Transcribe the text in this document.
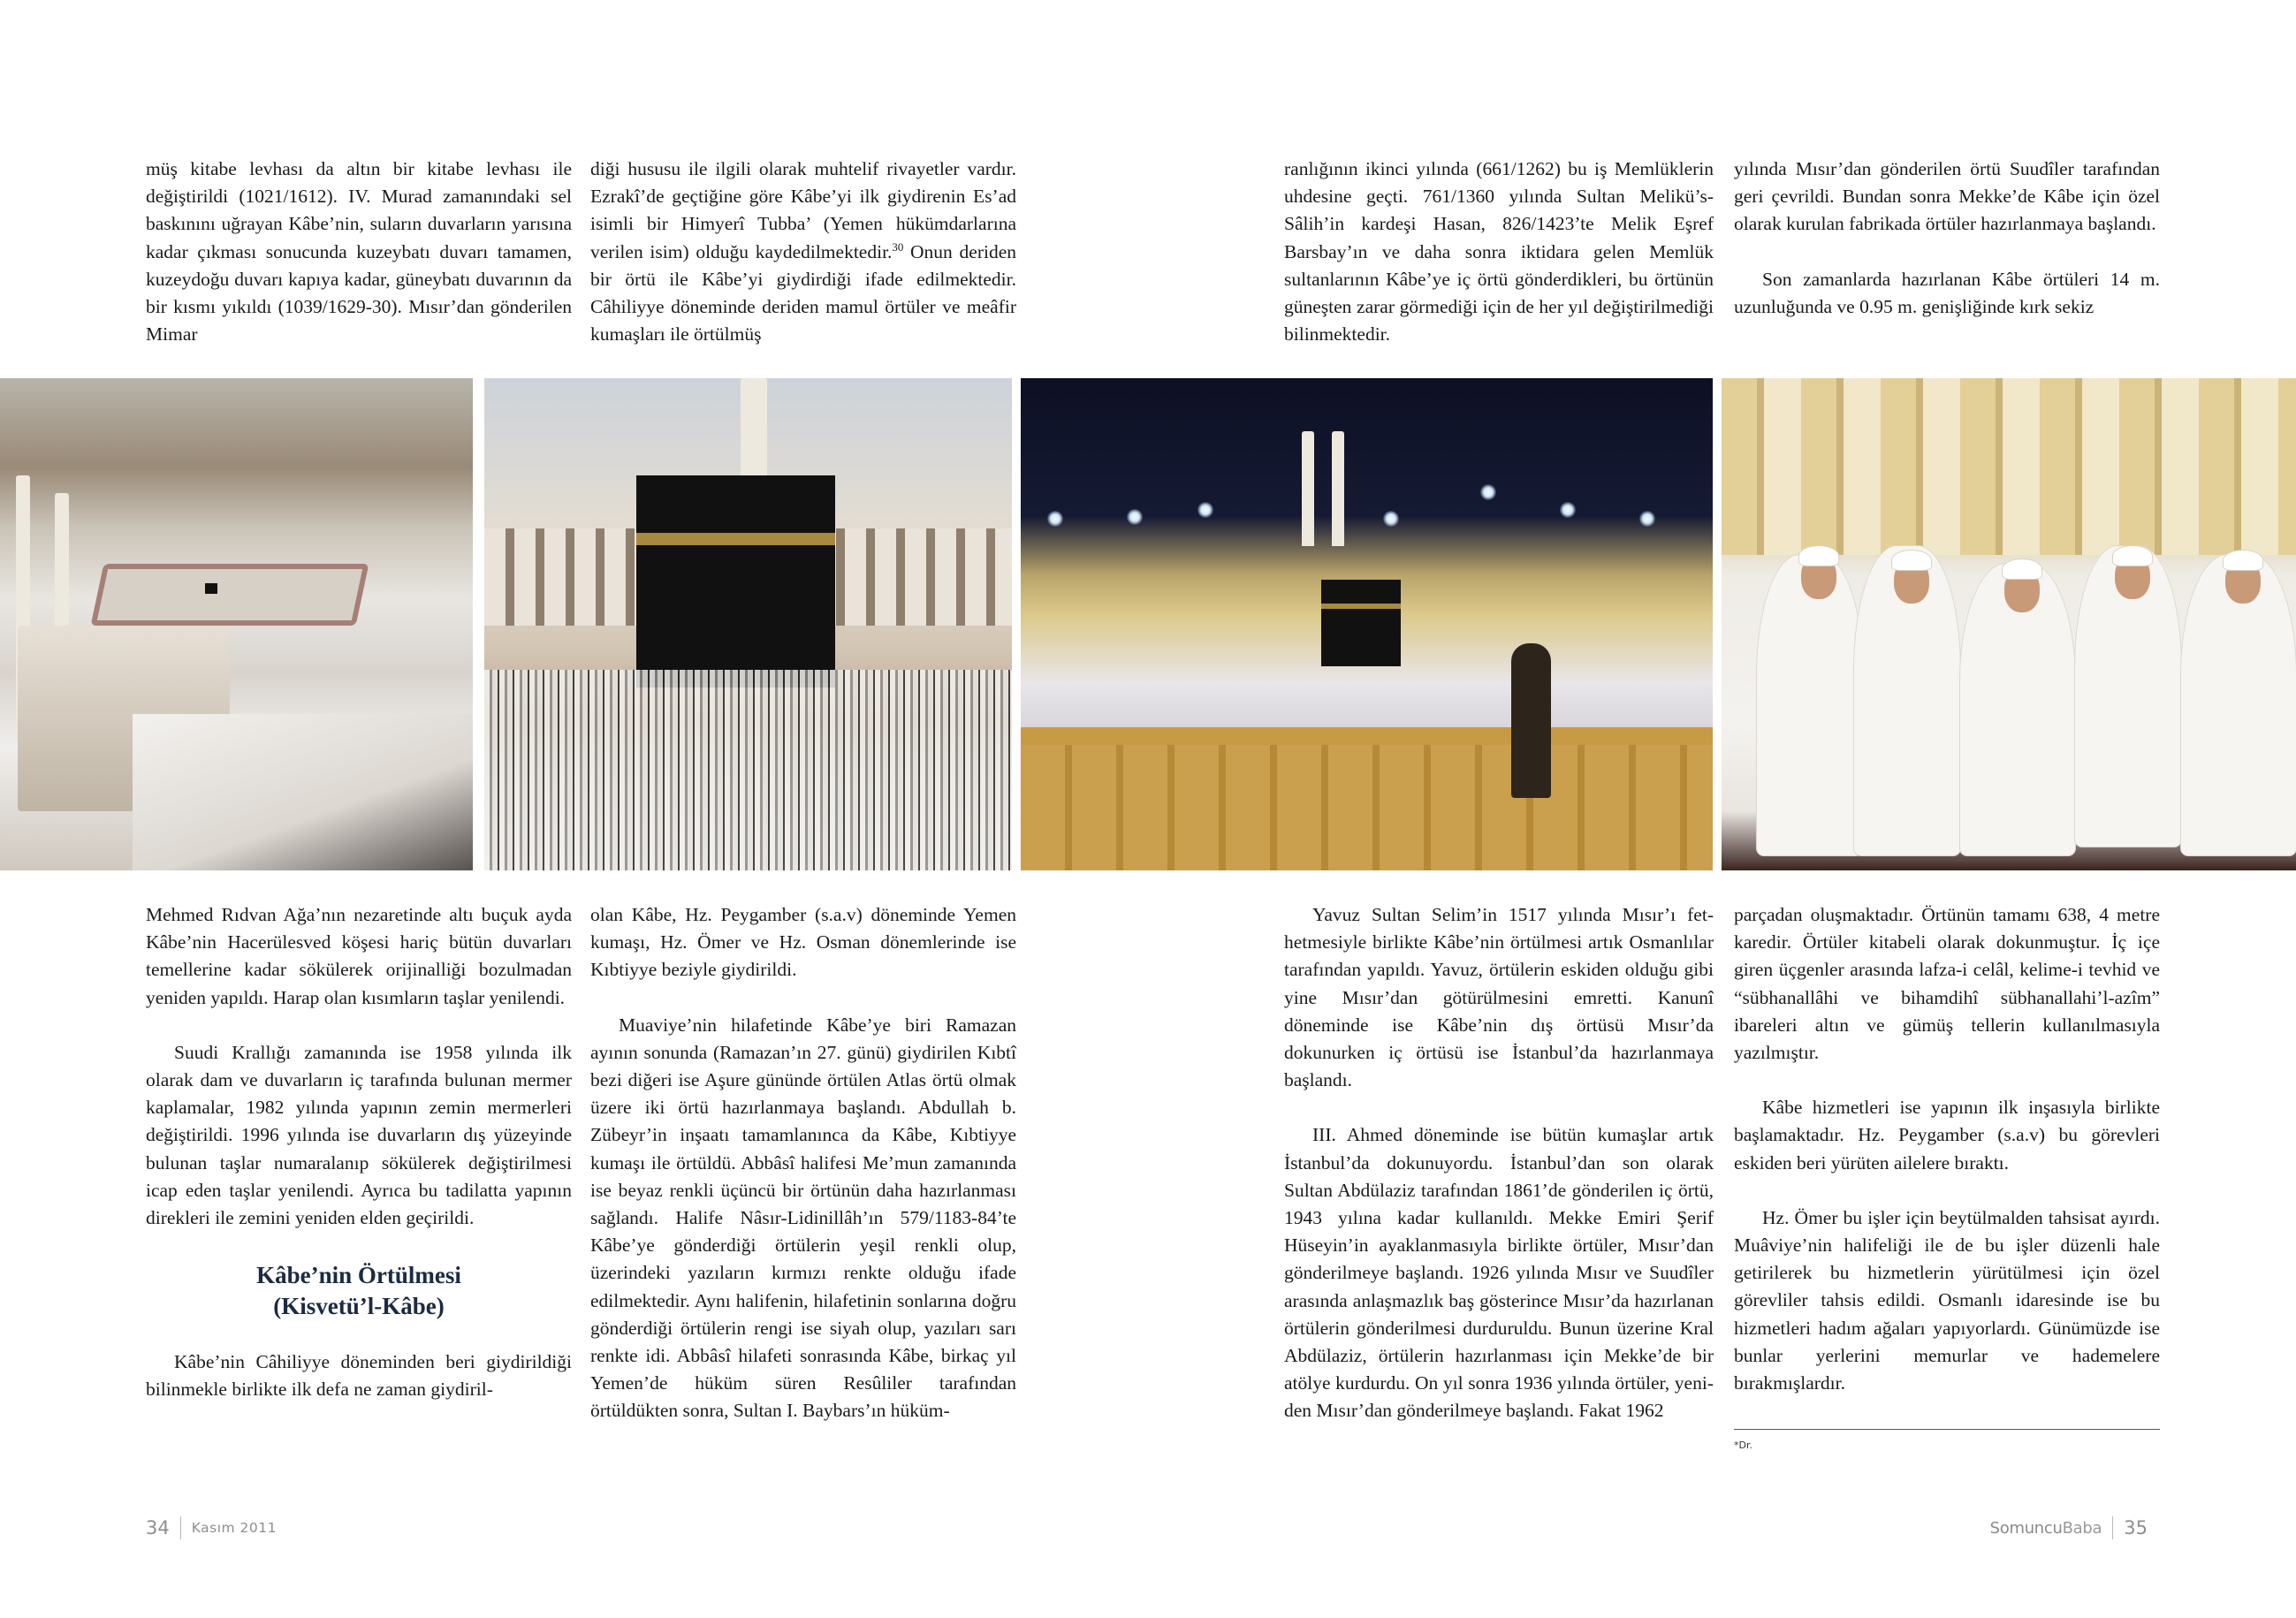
müş kitabe levhası da altın bir kitabe levhası ile değiştirildi (1021/1612). IV. Murad zamanındaki sel baskınını uğrayan Kâbe’nin, suların duvarların yarısına kadar çıkması sonucunda kuzeybatı duvarı tamamen, kuzeydoğu duvarı kapıya kadar, güneybatı duvarının da bir kısmı yıkıldı (1039/1629-30). Mısır’dan gönderilen Mimar

diği hususu ile ilgili olarak muhtelif rivayetler vardır. Ezrakî’de geçtiğine göre Kâbe’yi ilk giydirenin Es’ad isimli bir Himyerî Tubba’ (Yemen hükümdarlarına verilen isim) olduğu kaydedilmektedir.$^{30}$ Onun deriden bir örtü ile Kâbe’yi giydirdiği ifade edilmektedir. Câhiliyye döneminde deriden mamul örtüler ve meâfir kumaşları ile örtülmüş

ranlığının ikinci yılında (661/1262) bu iş Memlüklerin uhdesine geçti. 761/1360 yılında Sultan Melikü’s-Sâlih’in kardeşi Hasan, 826/1423’te Melik Eşref Barsbay’ın ve daha sonra iktidara gelen Memlük sultanlarının Kâbe’ye iç örtü gönderdikleri, bu örtünün güneşten zarar görmediği için de her yıl değiştirilmediği bilinmektedir.

yılında Mısır’dan gönderilen örtü Suudîler tarafından geri çevrildi. Bundan sonra Mekke’de Kâbe için özel olarak kurulan fabrikada örtüler hazırlanmaya başlandı.

Son zamanlarda hazırlanan Kâbe örtüleri 14 m. uzunluğunda ve 0.95 m. genişliğinde kırk sekiz

Mehmed Rıdvan Ağa’nın nezaretinde altı buçuk ayda Kâbe’nin Hacerülesved köşesi hariç bütün duvarları temellerine kadar sökülerek orijinalliği bozulmadan yeniden yapıldı. Harap olan kısımların taşlar yenilendi.

Suudi Krallığı zamanında ise 1958 yılında ilk olarak dam ve duvarların iç tarafında bulunan mermer kaplamalar, 1982 yılında yapının zemin mermerleri değiştirildi. 1996 yılında ise duvarların dış yüzeyinde bulunan taşlar numaralanıp sökülerek değiştirilmesi icap eden taşlar yenilendi. Ayrıca bu tadilatta yapının direkleri ile zemini yeniden elden geçirildi.

Kâbe’nin Örtülmesi
(Kisvetü’l-Kâbe)

Kâbe’nin Câhiliyye döneminden beri giydirildiği bilinmekle birlikte ilk defa ne zaman giydiril-

olan Kâbe, Hz. Peygamber (s.a.v) döneminde Yemen kumaşı, Hz. Ömer ve Hz. Osman dönemlerinde ise Kıbtiyye beziyle giydirildi.

Muaviye’nin hilafetinde Kâbe’ye biri Ramazan ayının sonunda (Ramazan’ın 27. günü) giydirilen Kıbtî bezi diğeri ise Aşure gününde örtülen Atlas örtü olmak üzere iki örtü hazırlanmaya başlandı. Abdullah b. Zübeyr’in inşaatı tamamlanınca da Kâbe, Kıbtiyye kumaşı ile örtüldü. Abbâsî halifesi Me’mun zamanında ise beyaz renkli üçüncü bir örtünün daha hazırlanması sağlandı. Halife Nâsır-Lidinillâh’ın 579/1183-84’te Kâbe’ye gönderdiği örtülerin yeşil renkli olup, üzerindeki yazıların kırmızı renkte olduğu ifade edilmektedir. Aynı halifenin, hilafetinin sonlarına doğru gönderdiği örtülerin rengi ise siyah olup, yazıları sarı renkte idi. Abbâsî hilafeti sonrasında Kâbe, birkaç yıl Yemen’de hüküm süren Resûliler tarafından örtüldükten sonra, Sultan I. Baybars’ın hüküm-

Yavuz Sultan Selim’in 1517 yılında Mısır’ı fethetmesiyle birlikte Kâbe’nin örtülmesi artık Osmanlılar tarafından yapıldı. Yavuz, örtülerin eskiden olduğu gibi yine Mısır’dan götürülmesini emretti. Kanunî döneminde ise Kâbe’nin dış örtüsü Mısır’da dokunurken iç örtüsü ise İstanbul’da hazırlanmaya başlandı.

III. Ahmed döneminde ise bütün kumaşlar artık İstanbul’da dokunuyordu. İstanbul’dan son olarak Sultan Abdülaziz tarafından 1861’de gönderilen iç örtü, 1943 yılına kadar kullanıldı. Mekke Emiri Şerif Hüseyin’in ayaklanmasıyla birlikte örtüler, Mısır’dan gönderilmeye başlandı. 1926 yılında Mısır ve Suudîler arasında anlaşmazlık baş gösterince Mısır’da hazırlanan örtülerin gönderilmesi durduruldu. Bunun üzerine Kral Abdülaziz, örtülerin hazırlanması için Mekke’de bir atölye kurdurdu. On yıl sonra 1936 yılında örtüler, yeniden Mısır’dan gönderilmeye başlandı. Fakat 1962

parçadan oluşmaktadır. Örtünün tamamı 638, 4 metre karedir. Örtüler kitabeli olarak dokunmuştur. İç içe giren üçgenler arasında lafza-i celâl, kelime-i tevhid ve “sübhanallâhi ve bihamdihî sübhanallahi’l-azîm” ibareleri altın ve gümüş tellerin kullanılmasıyla yazılmıştır.

Kâbe hizmetleri ise yapının ilk inşasıyla birlikte başlamaktadır. Hz. Peygamber (s.a.v) bu görevleri eskiden beri yürüten ailelere bıraktı.

Hz. Ömer bu işler için beytülmalden tahsisat ayırdı. Muâviye’nin halifeliği ile de bu işler düzenli hale getirilerek bu hizmetlerin yürütülmesi için özel görevliler tahsis edildi. Osmanlı idaresinde ise bu hizmetleri hadım ağaları yapıyorlardı. Günümüzde ise bunlar yerlerini memurlar ve hademelere bırakmışlardır.

*Dr.
34 Kasım 2011	SomuncuBaba 35
